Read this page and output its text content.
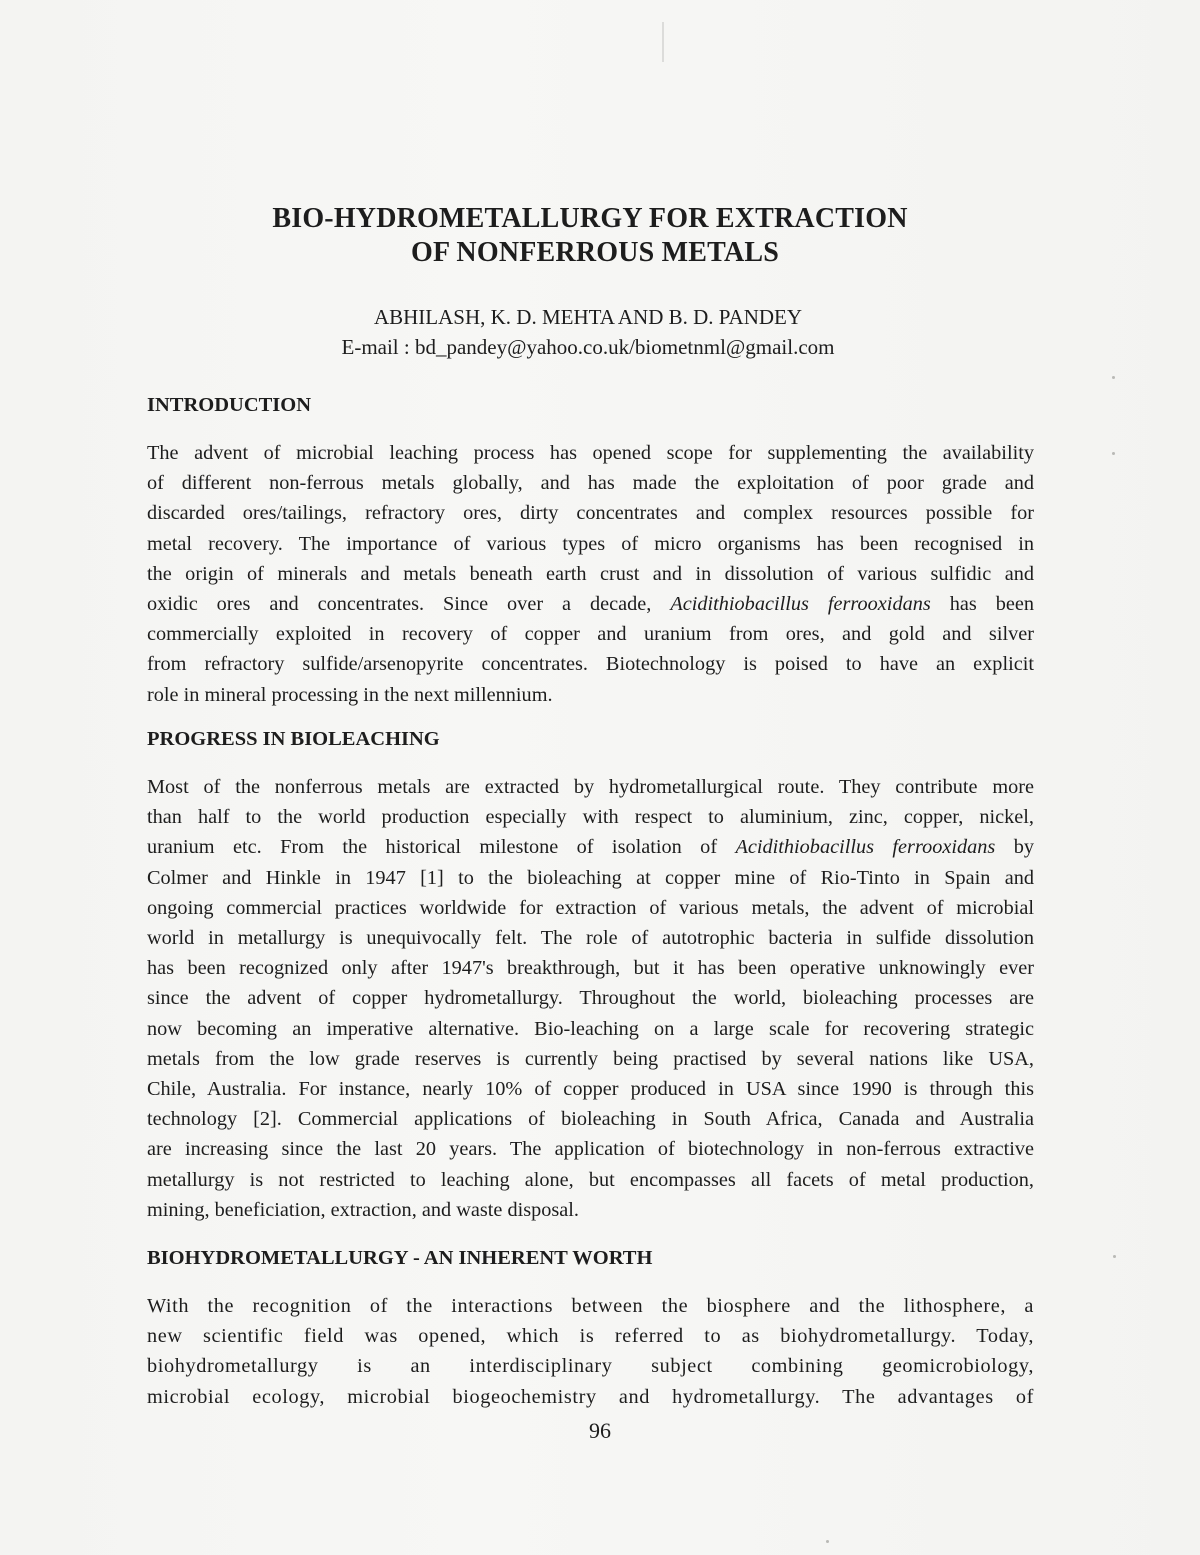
BIO-HYDROMETALLURGY FOR EXTRACTION
OF NONFERROUS METALS
ABHILASH, K. D. MEHTA AND B. D. PANDEY
E-mail : bd_pandey@yahoo.co.uk/biometnml@gmail.com
INTRODUCTION
The advent of microbial leaching process has opened scope for supplementing the availability
of different non-ferrous metals globally, and has made the exploitation of poor grade and
discarded ores/tailings, refractory ores, dirty concentrates and complex resources possible for
metal recovery. The importance of various types of micro organisms has been recognised in
the origin of minerals and metals beneath earth crust and in dissolution of various sulfidic and
oxidic ores and concentrates. Since over a decade, Acidithiobacillus ferrooxidans has been
commercially exploited in recovery of copper and uranium from ores, and gold and silver
from refractory sulfide/arsenopyrite concentrates. Biotechnology is poised to have an explicit
role in mineral processing in the next millennium.
PROGRESS IN BIOLEACHING
Most of the nonferrous metals are extracted by hydrometallurgical route. They contribute more
than half to the world production especially with respect to aluminium, zinc, copper, nickel,
uranium etc. From the historical milestone of isolation of Acidithiobacillus ferrooxidans by
Colmer and Hinkle in 1947 [1] to the bioleaching at copper mine of Rio-Tinto in Spain and
ongoing commercial practices worldwide for extraction of various metals, the advent of microbial
world in metallurgy is unequivocally felt. The role of autotrophic bacteria in sulfide dissolution
has been recognized only after 1947's breakthrough, but it has been operative unknowingly ever
since the advent of copper hydrometallurgy. Throughout the world, bioleaching processes are
now becoming an imperative alternative. Bio-leaching on a large scale for recovering strategic
metals from the low grade reserves is currently being practised by several nations like USA,
Chile, Australia. For instance, nearly 10% of copper produced in USA since 1990 is through this
technology [2]. Commercial applications of bioleaching in South Africa, Canada and Australia
are increasing since the last 20 years. The application of biotechnology in non-ferrous extractive
metallurgy is not restricted to leaching alone, but encompasses all facets of metal production,
mining, beneficiation, extraction, and waste disposal.
BIOHYDROMETALLURGY - AN INHERENT WORTH
With the recognition of the interactions between the biosphere and the lithosphere, a
new scientific field was opened, which is referred to as biohydrometallurgy. Today,
biohydrometallurgy is an interdisciplinary subject combining geomicrobiology,
microbial ecology, microbial biogeochemistry and hydrometallurgy. The advantages of
96
